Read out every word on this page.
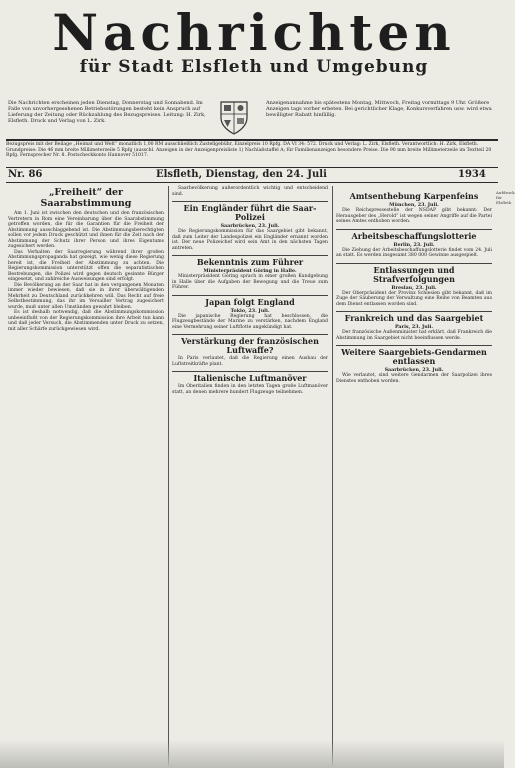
Nachrichten
für Stadt Elsfleth und Umgebung
Die Nachrichten erscheinen jeden Dienstag, Donnerstag und Sonnabend. Im Falle von unvorhergesehenen Betriebsstörungen besteht kein Anspruch auf Lieferung der Zeitung oder Rückzahlung des Bezugspreises. Leitung: H. Zirk, Elsfleth. Druck und Verlag von L. Zirk.
Anzeigenannahme bis spätestens Montag, Mittwoch, Freitag vormittags 9 Uhr. Größere Anzeigen tags vorher erbeten. Bei gerichtlicher Klage, Konkursverfahren usw. wird etwa bewilligter Rabatt hinfällig.
Bezugspreis mit der Beilage „Heimat und Welt“ monatlich 1,00 RM ausschließlich Zustellgebühr, Einzelpreis 10 Rpfg. DA VI 34: 572. Druck und Verlag: L. Zirk, Elsfleth. Verantwortlich: H. Zirk, Elsfleth. Grundpreise: Die 46 mm breite Millimeterzeile 5 Rpfg (ausschl. Anzeigen in der Anzeigenpreisliste 1) Nachlaßstaffel A; für Familienanzeigen besondere Preise. Die 90 mm breite Millimeterzeile im Textteil 20 Rpfg. Fernsprecher Nr. 8. Postscheckkonto Hannover 51017.
Nr. 86	Elsfleth, Dienstag, den 24. Juli	1934
„Freiheit“ der Saarabstimmung

Am 1. Juni ist zwischen den deutschen und den französischen Vertretern in Rom eine Vereinbarung über die Saarabstimmung getroffen worden, die für die Garantien für die Freiheit der Abstimmung ausschlaggebend ist. Die Abstimmungsberechtigten sollen vor jedem Druck geschützt und ihnen für die Zeit nach der Abstimmung der Schutz ihrer Person und ihres Eigentums zugesichert werden.

Das Verhalten der Saarregierung während ihrer großen Abstimmungspropaganda hat gezeigt, wie wenig diese Regierung bereit ist, die Freiheit der Abstimmung zu achten. Die Regierungskommission unterstützt offen die separatistischen Bestrebungen, die Polizei wird gegen deutsch gesinnte Bürger eingesetzt, und zahlreiche Ausweisungen sind erfolgt.

Die Bevölkerung an der Saar hat in den vergangenen Monaten immer wieder bewiesen, daß sie in ihrer überwältigenden Mehrheit zu Deutschland zurückkehren will. Das Recht auf freie Selbstbestimmung, das ihr im Versailler Vertrag zugesichert wurde, muß unter allen Umständen gewahrt bleiben.

Es ist deshalb notwendig, daß die Abstimmungskommission unbeeinflußt von der Regierungskommission ihre Arbeit tun kann und daß jeder Versuch, die Abstimmenden unter Druck zu setzen, mit aller Schärfe zurückgewiesen wird.

Saarbevölkerung außerordentlich wichtig und entscheidend sind.

Ein Engländer führt die Saar-Polizei
Saarbrücken, 23. Juli.

Die Regierungskommission für das Saargebiet gibt bekannt, daß zum Leiter der Landespolizei ein Engländer ernannt worden ist. Der neue Polizeichef wird sein Amt in den nächsten Tagen antreten.

Bekenntnis zum Führer
Ministerpräsident Göring in Halle.

Ministerpräsident Göring sprach in einer großen Kundgebung in Halle über die Aufgaben der Bewegung und die Treue zum Führer.

Japan folgt England
Tokio, 23. Juli.

Die japanische Regierung hat beschlossen, die Flugzeugbestände der Marine zu verstärken, nachdem England eine Vermehrung seiner Luftflotte angekündigt hat.

Verstärkung der französischen Luftwaffe?

In Paris verlautet, daß die Regierung einen Ausbau der Luftstreitkräfte plant.

Italienische Luftmanöver

Im Oberitalien finden in den letzten Tagen große Luftmanöver statt, an denen mehrere hundert Flugzeuge teilnehmen.

Amtsenthebung Karpenfeins
München, 23. Juli.

Die Reichspressestelle der NSDAP gibt bekannt: Der Herausgeber des „Herold“ ist wegen seiner Angriffe auf die Partei seines Amtes enthoben worden.

Arbeitsbeschaffungslotterie
Berlin, 23. Juli.

Die Ziehung der Arbeitsbeschaffungslotterie findet vom 24. Juli an statt. Es werden insgesamt 380 000 Gewinne ausgespielt.

Entlassungen und Strafverfolgungen
Breslau, 23. Juli.

Der Oberpräsident der Provinz Schlesien gibt bekannt, daß im Zuge der Säuberung der Verwaltung eine Reihe von Beamten aus dem Dienst entlassen worden sind.

Frankreich und das Saargebiet
Paris, 23. Juli.

Der französische Außenminister hat erklärt, daß Frankreich die Abstimmung im Saargebiet nicht beeinflussen werde.

Weitere Saargebiets-Gendarmen entlassen
Saarbrücken, 23. Juli.

Wie verlautet, sind weitere Gendarmen der Saarpolizei ihres Dienstes enthoben worden.

Aufdruck für Elsfleth
